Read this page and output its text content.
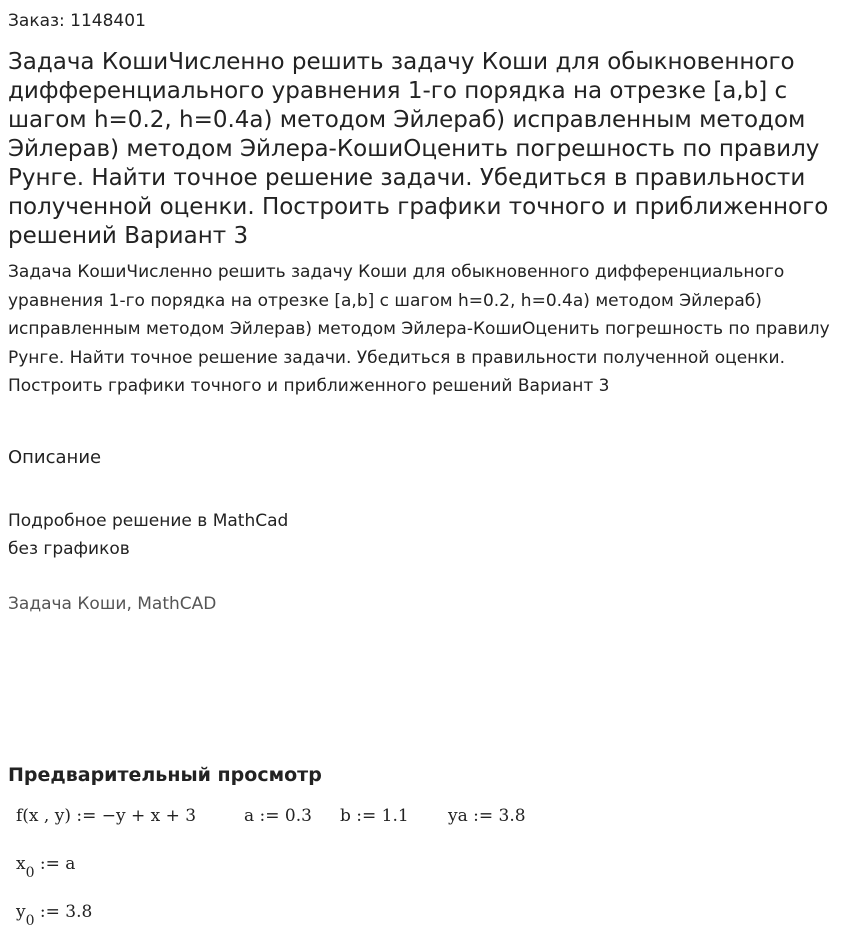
Заказ: 1148401
Задача КошиЧисленно решить задачу Коши для обыкновенного дифференциального уравнения 1-го порядка на отрезке [a,b] с шагом h=0.2, h=0.4a) методом Эйлераб) исправленным методом Эйлерав) методом Эйлера-КошиОценить погрешность по правилу Рунге. Найти точное решение задачи. Убедиться в правильности полученной оценки. Построить графики точного и приближенного решений Вариант 3
Задача КошиЧисленно решить задачу Коши для обыкновенного дифференциального уравнения 1-го порядка на отрезке [a,b] с шагом h=0.2, h=0.4a) методом Эйлераб) исправленным методом Эйлерав) методом Эйлера-КошиОценить погрешность по правилу Рунге. Найти точное решение задачи. Убедиться в правильности полученной оценки. Построить графики точного и приближенного решений Вариант 3
Описание
Подробное решение в MathCad
без графиков
Задача Коши, MathCAD
Предварительный просмотр
f(x , y) := −y + x + 3	a := 0.3 b := 1.1 ya := 3.8
$x_0$ := a
$y_0$ := 3.8
